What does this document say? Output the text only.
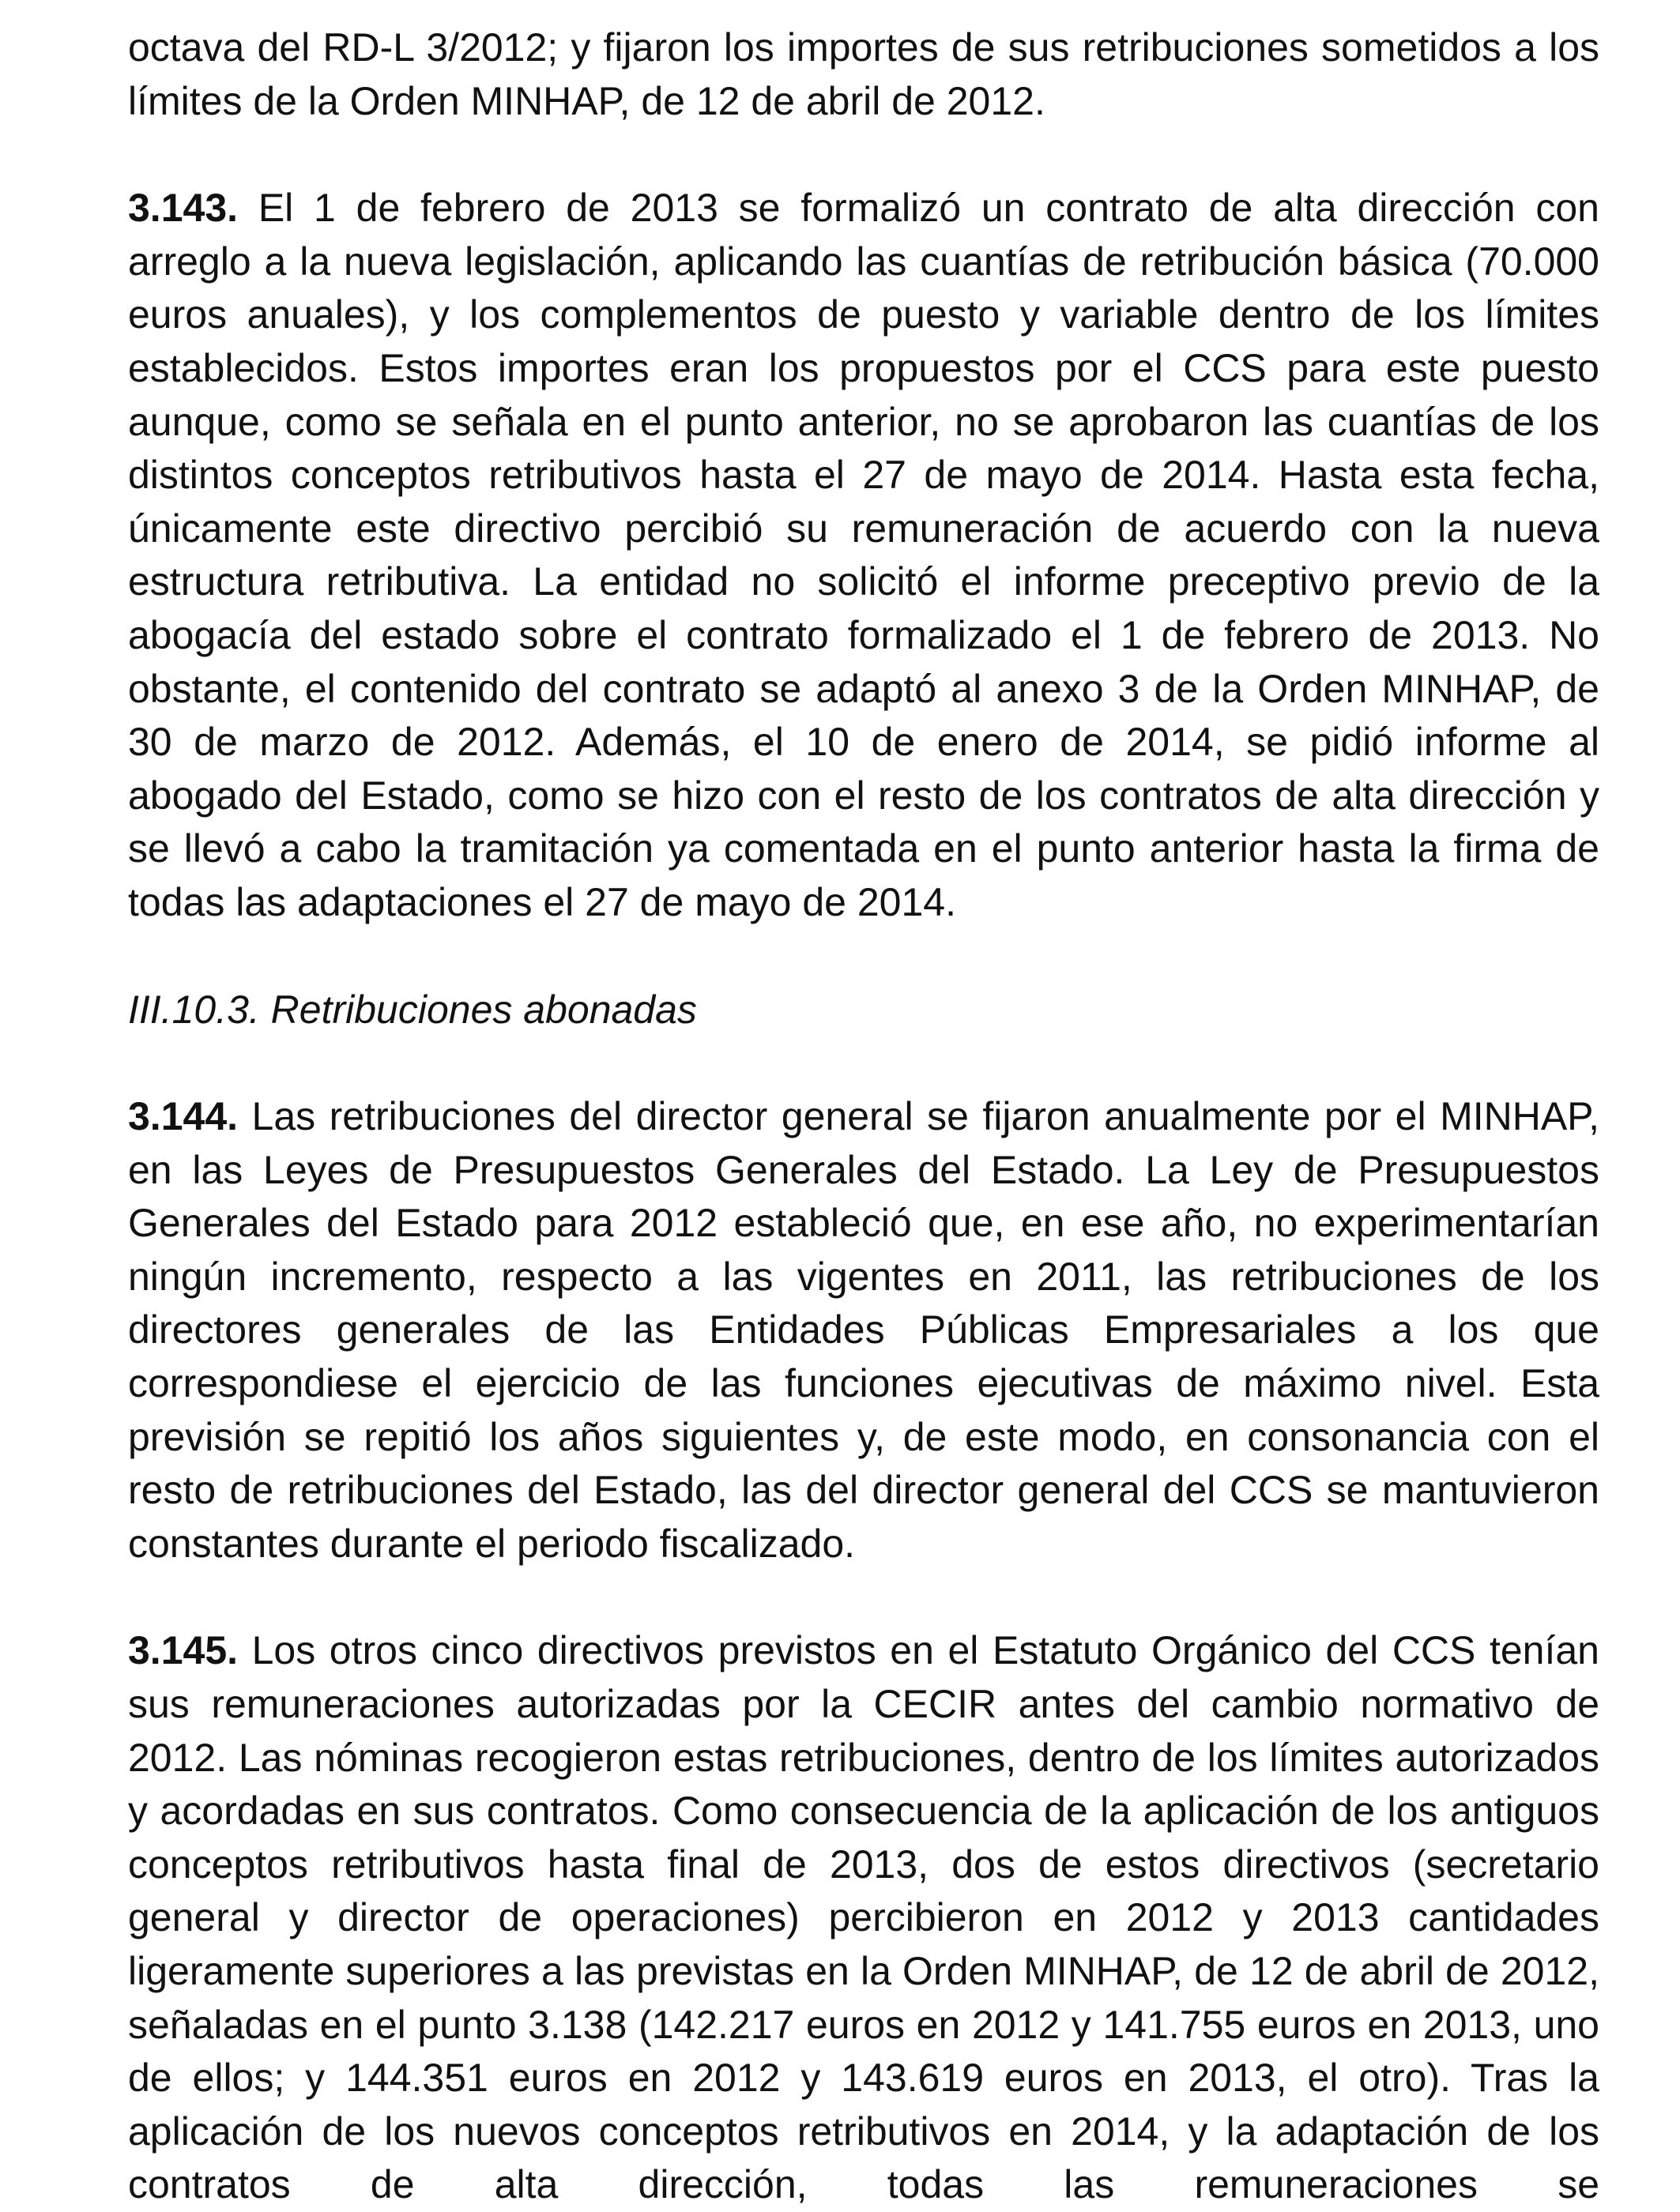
octava del RD-L 3/2012; y fijaron los importes de sus retribuciones sometidos a los límites de la Orden MINHAP, de 12 de abril de 2012.

3.143. El 1 de febrero de 2013 se formalizó un contrato de alta dirección con arreglo a la nueva legislación, aplicando las cuantías de retribución básica (70.000 euros anuales), y los complementos de puesto y variable dentro de los límites establecidos. Estos importes eran los propuestos por el CCS para este puesto aunque, como se señala en el punto anterior, no se aprobaron las cuantías de los distintos conceptos retributivos hasta el 27 de mayo de 2014. Hasta esta fecha, únicamente este directivo percibió su remuneración de acuerdo con la nueva estructura retributiva. La entidad no solicitó el informe preceptivo previo de la abogacía del estado sobre el contrato formalizado el 1 de febrero de 2013. No obstante, el contenido del contrato se adaptó al anexo 3 de la Orden MINHAP, de 30 de marzo de 2012. Además, el 10 de enero de 2014, se pidió informe al abogado del Estado, como se hizo con el resto de los contratos de alta dirección y se llevó a cabo la tramitación ya comentada en el punto anterior hasta la firma de todas las adaptaciones el 27 de mayo de 2014.

III.10.3. Retribuciones abonadas

3.144. Las retribuciones del director general se fijaron anualmente por el MINHAP, en las Leyes de Presupuestos Generales del Estado. La Ley de Presupuestos Generales del Estado para 2012 estableció que, en ese año, no experimentarían ningún incremento, respecto a las vigentes en 2011, las retribuciones de los directores generales de las Entidades Públicas Empresariales a los que correspondiese el ejercicio de las funciones ejecutivas de máximo nivel. Esta previsión se repitió los años siguientes y, de este modo, en consonancia con el resto de retribuciones del Estado, las del director general del CCS se mantuvieron constantes durante el periodo fiscalizado.

3.145. Los otros cinco directivos previstos en el Estatuto Orgánico del CCS tenían sus remuneraciones autorizadas por la CECIR antes del cambio normativo de 2012. Las nóminas recogieron estas retribuciones, dentro de los límites autorizados y acordadas en sus contratos. Como consecuencia de la aplicación de los antiguos conceptos retributivos hasta final de 2013, dos de estos directivos (secretario general y director de operaciones) percibieron en 2012 y 2013 cantidades ligeramente superiores a las previstas en la Orden MINHAP, de 12 de abril de 2012, señaladas en el punto 3.138 (142.217 euros en 2012 y 141.755 euros en 2013, uno de ellos; y 144.351 euros en 2012 y 143.619 euros en 2013, el otro). Tras la aplicación de los nuevos conceptos retributivos en 2014, y la adaptación de los contratos de alta dirección, todas las remuneraciones se
